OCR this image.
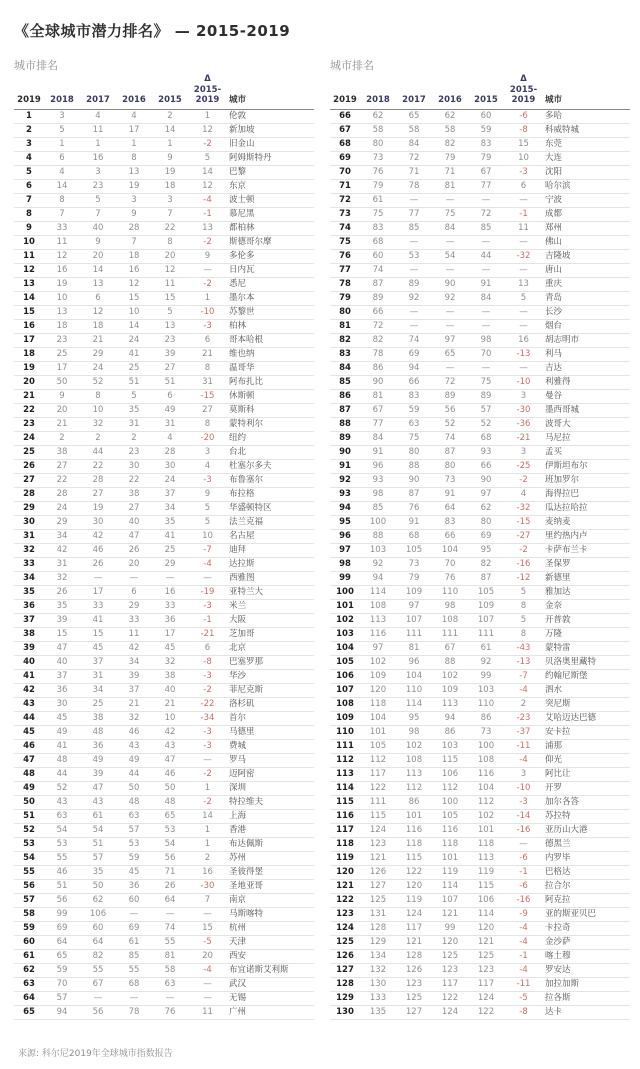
《全球城市潜力排名》 — 2015-2019
城市排名
2019	2018	2017	2016	2015	Δ
2015-
2019	城市
1	3	4	4	2	1	伦敦
2	5	11	17	14	12	新加坡
3	1	1	1	1	-2	旧金山
4	6	16	8	9	5	阿姆斯特丹
5	4	3	13	19	14	巴黎
6	14	23	19	18	12	东京
7	8	5	3	3	-4	波士顿
8	7	7	9	7	-1	慕尼黑
9	33	40	28	22	13	都柏林
10	11	9	7	8	-2	斯德哥尔摩
11	12	20	18	20	9	多伦多
12	16	14	16	12	—	日内瓦
13	19	13	12	11	-2	悉尼
14	10	6	15	15	1	墨尔本
15	13	12	10	5	-10	苏黎世
16	18	18	14	13	-3	柏林
17	23	21	24	23	6	哥本哈根
18	25	29	41	39	21	维也纳
19	17	24	25	27	8	温哥华
20	50	52	51	51	31	阿布扎比
21	9	8	5	6	-15	休斯顿
22	20	10	35	49	27	莫斯科
23	21	32	31	31	8	蒙特利尔
24	2	2	2	4	-20	纽约
25	38	44	23	28	3	台北
26	27	22	30	30	4	杜塞尔多夫
27	22	28	22	24	-3	布鲁塞尔
28	28	27	38	37	9	布拉格
29	24	19	27	34	5	华盛顿特区
30	29	30	40	35	5	法兰克福
31	34	42	47	41	10	名古屋
32	42	46	26	25	-7	迪拜
33	31	26	20	29	-4	达拉斯
34	32	—	—	—	—	西雅图
35	26	17	6	16	-19	亚特兰大
36	35	33	29	33	-3	米兰
37	39	41	33	36	-1	大阪
38	15	15	11	17	-21	芝加哥
39	47	45	42	45	6	北京
40	40	37	34	32	-8	巴塞罗那
41	37	31	39	38	-3	华沙
42	36	34	37	40	-2	菲尼克斯
43	30	25	21	21	-22	洛杉矶
44	45	38	32	10	-34	首尔
45	49	48	46	42	-3	马德里
46	41	36	43	43	-3	费城
47	48	49	49	47	—	罗马
48	44	39	44	46	-2	迈阿密
49	52	47	50	50	1	深圳
50	43	43	48	48	-2	特拉维夫
51	63	61	63	65	14	上海
52	54	54	57	53	1	香港
53	53	51	53	54	1	布达佩斯
54	55	57	59	56	2	苏州
55	46	35	45	71	16	圣彼得堡
56	51	50	36	26	-30	圣地亚哥
57	56	62	60	64	7	南京
58	99	106	—	—	—	马斯喀特
59	69	60	69	74	15	杭州
60	64	64	61	55	-5	天津
61	65	82	85	81	20	西安
62	59	55	55	58	-4	布宜诺斯艾利斯
63	70	67	68	63	—	武汉
64	57	—	—	—	—	无锡
65	94	56	78	76	11	广州
城市排名
2019	2018	2017	2016	2015	Δ
2015-
2019	城市
66	62	65	62	60	-6	多哈
67	58	58	58	59	-8	科威特城
68	80	84	82	83	15	东莞
69	73	72	79	79	10	大连
70	76	71	71	67	-3	沈阳
71	79	78	81	77	6	哈尔滨
72	61	—	—	—	—	宁波
73	75	77	75	72	-1	成都
74	83	85	84	85	11	郑州
75	68	—	—	—	—	佛山
76	60	53	54	44	-32	吉隆坡
77	74	—	—	—	—	唐山
78	87	89	90	91	13	重庆
79	89	92	92	84	5	青岛
80	66	—	—	—	—	长沙
81	72	—	—	—	—	烟台
82	82	74	97	98	16	胡志明市
83	78	69	65	70	-13	利马
84	86	94	—	—	—	吉达
85	90	66	72	75	-10	利雅得
86	81	83	89	89	3	曼谷
87	67	59	56	57	-30	墨西哥城
88	77	63	52	52	-36	波哥大
89	84	75	74	68	-21	马尼拉
90	91	80	87	93	3	孟买
91	96	88	80	66	-25	伊斯坦布尔
92	93	90	73	90	-2	班加罗尔
93	98	87	91	97	4	海得拉巴
94	85	76	64	62	-32	瓜达拉哈拉
95	100	91	83	80	-15	麦纳麦
96	88	68	66	69	-27	里约热内卢
97	103	105	104	95	-2	卡萨布兰卡
98	92	73	70	82	-16	圣保罗
99	94	79	76	87	-12	新德里
100	114	109	110	105	5	雅加达
101	108	97	98	109	8	金奈
102	113	107	108	107	5	开普敦
103	116	111	111	111	8	万隆
104	97	81	67	61	-43	蒙特雷
105	102	96	88	92	-13	贝洛奥里藏特
106	109	104	102	99	-7	约翰尼斯堡
107	120	110	109	103	-4	泗水
108	118	114	113	110	2	突尼斯
109	104	95	94	86	-23	艾哈迈达巴德
110	101	98	86	73	-37	安卡拉
111	105	102	103	100	-11	浦那
112	112	108	115	108	-4	仰光
113	117	113	106	116	3	阿比让
114	122	112	112	104	-10	开罗
115	111	86	100	112	-3	加尔各答
116	115	101	105	102	-14	苏拉特
117	124	116	116	101	-16	亚历山大港
118	123	118	118	118	—	德黑兰
119	121	115	101	113	-6	内罗毕
120	126	122	119	119	-1	巴格达
121	127	120	114	115	-6	拉合尔
122	125	119	107	106	-16	阿克拉
123	131	124	121	114	-9	亚的斯亚贝巴
124	128	117	99	120	-4	卡拉奇
125	129	121	120	121	-4	金沙萨
126	134	128	125	125	-1	喀土穆
127	132	126	123	123	-4	罗安达
128	130	123	117	117	-11	加拉加斯
129	133	125	122	124	-5	拉各斯
130	135	127	124	122	-8	达卡
来源: 科尔尼2019年全球城市指数报告
